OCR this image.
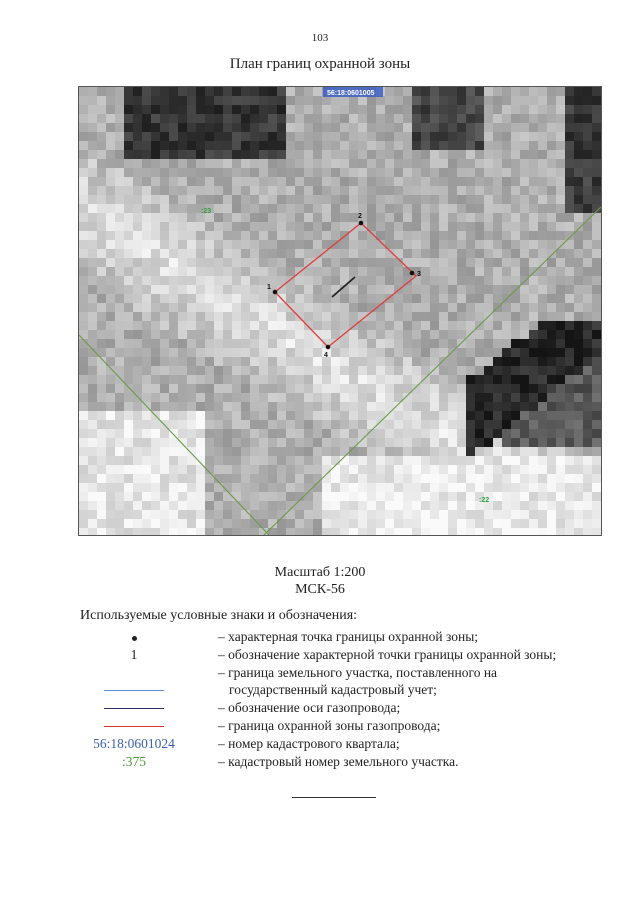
103
План границ охранной зоны
1
2
3
4
56:18:0601005
:23
:22
Масштаб 1:200
МСК-56
Используемые условные знаки и обозначения:
– характерная точка границы охранной зоны;
1	– обозначение характерной точки границы охранной зоны;
– граница земельного участка, поставленного на
государственный кадастровый учет;
– обозначение оси газопровода;
– граница охранной зоны газопровода;
56:18:0601024	– номер кадастрового квартала;
:375	– кадастровый номер земельного участка.
